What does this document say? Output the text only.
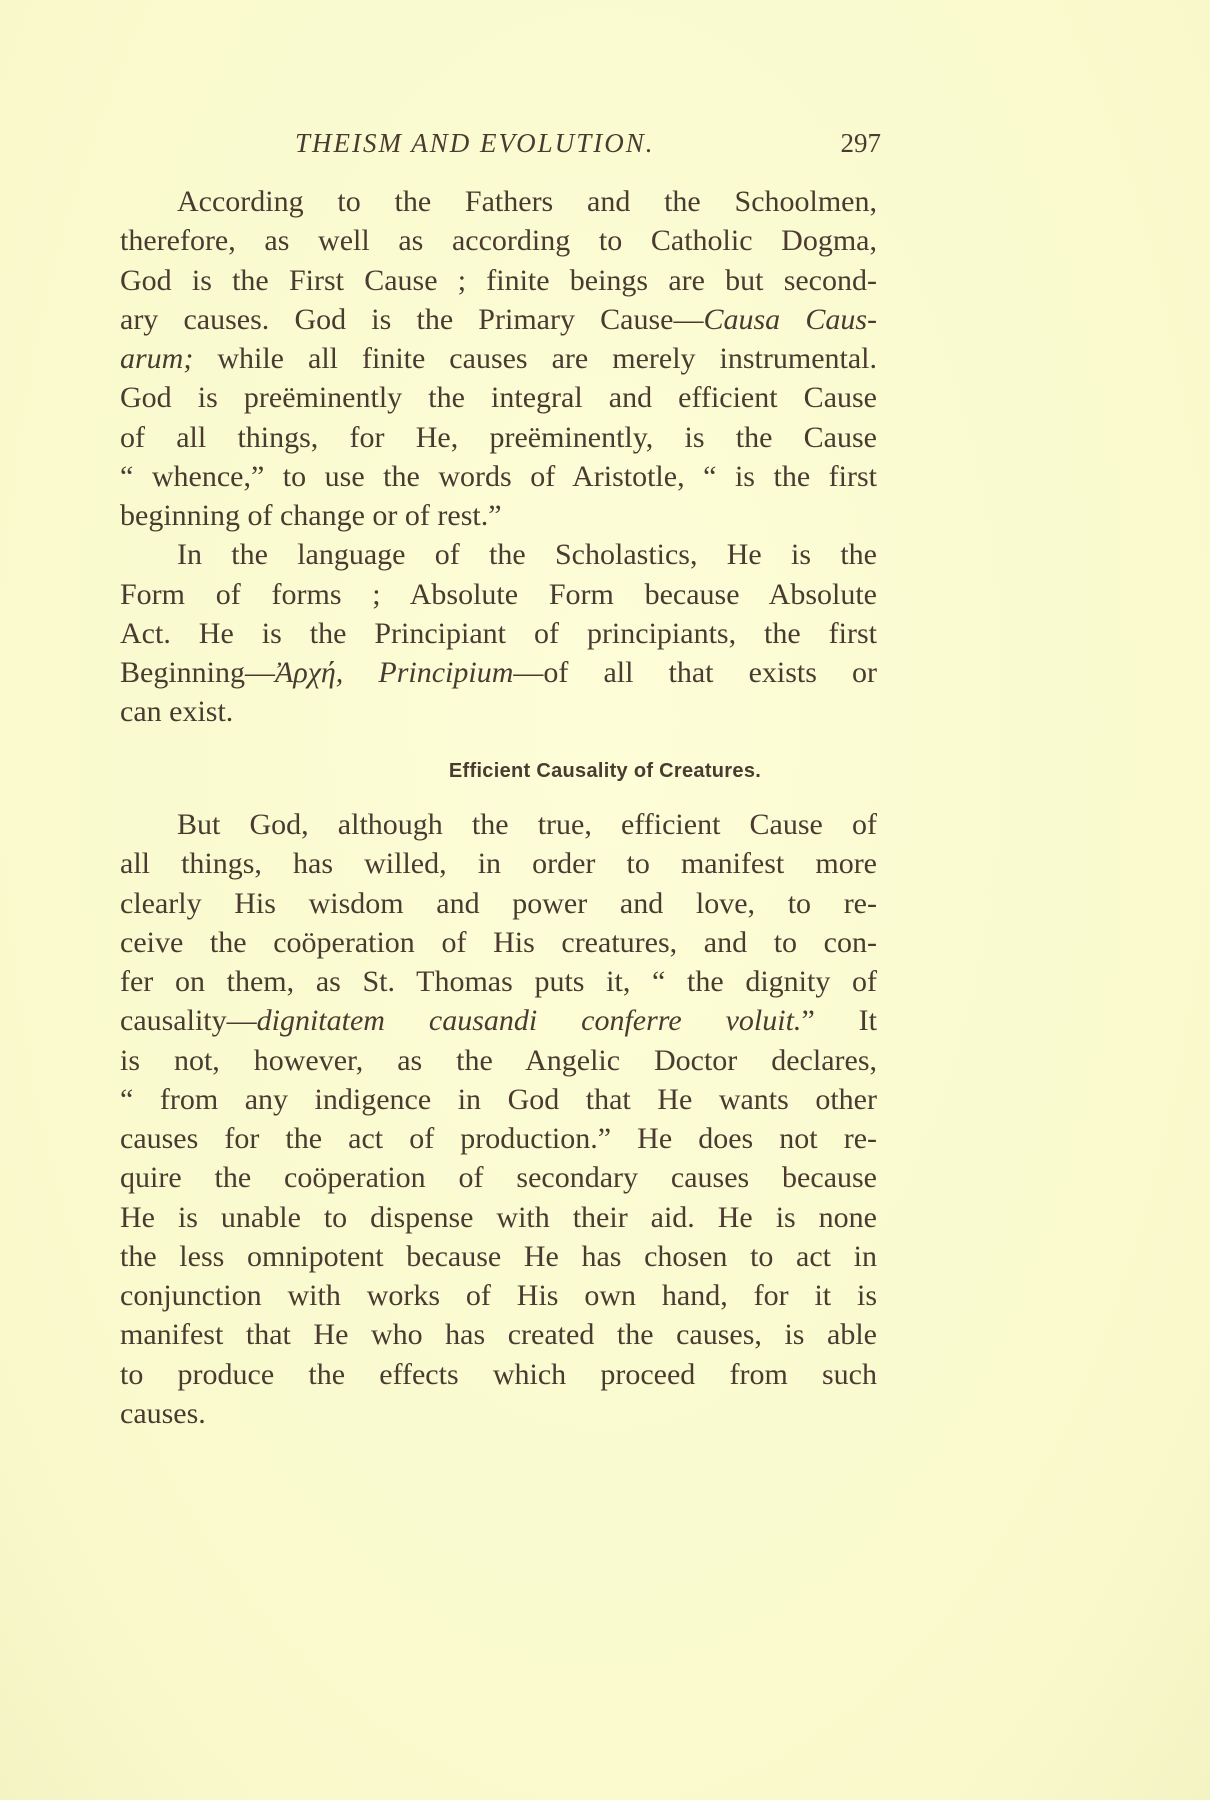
THEISM AND EVOLUTION.	297
According to the Fathers and the Schoolmen,
therefore, as well as according to Catholic Dogma,
God is the First Cause ; finite beings are but second-
ary causes. God is the Primary Cause—Causa Caus-
arum; while all finite causes are merely instrumental.
God is preëminently the integral and efficient Cause
of all things, for He, preëminently, is the Cause
“ whence,” to use the words of Aristotle, “ is the first
beginning of change or of rest.”
In the language of the Scholastics, He is the
Form of forms ; Absolute Form because Absolute
Act. He is the Principiant of principiants, the first
Beginning—Ἀρχή, Principium—of all that exists or
can exist.
Efficient Causality of Creatures.
But God, although the true, efficient Cause of
all things, has willed, in order to manifest more
clearly His wisdom and power and love, to re-
ceive the coöperation of His creatures, and to con-
fer on them, as St. Thomas puts it, “ the dignity of
causality—dignitatem causandi conferre voluit.” It
is not, however, as the Angelic Doctor declares,
“ from any indigence in God that He wants other
causes for the act of production.” He does not re-
quire the coöperation of secondary causes because
He is unable to dispense with their aid. He is none
the less omnipotent because He has chosen to act in
conjunction with works of His own hand, for it is
manifest that He who has created the causes, is able
to produce the effects which proceed from such
causes.
